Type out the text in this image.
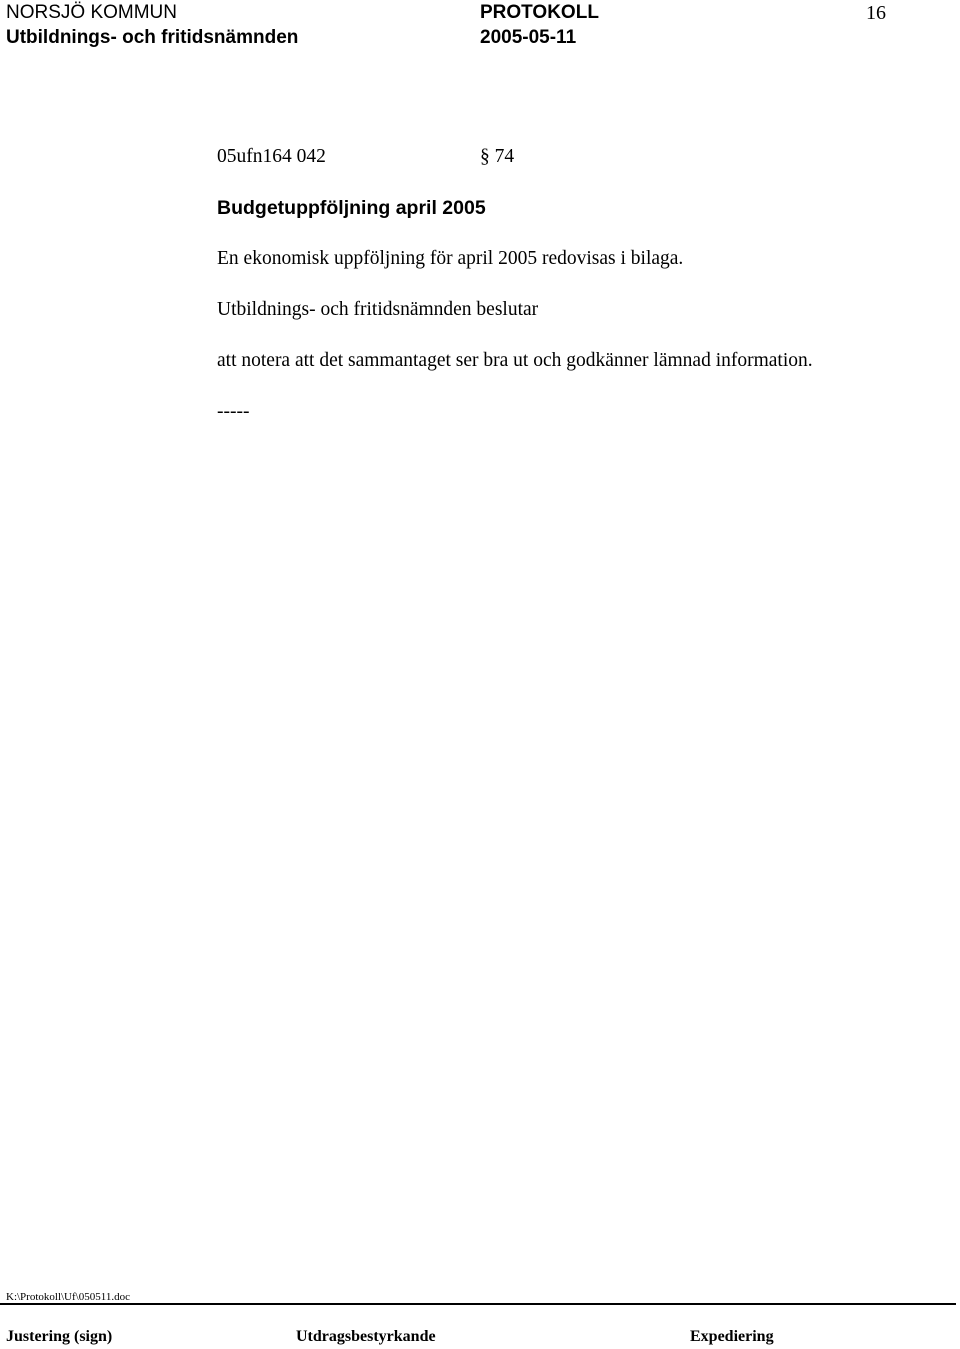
NORSJÖ KOMMUN
Utbildnings- och fritidsnämnden
PROTOKOLL
2005-05-11
16
05ufn164 042	§ 74
Budgetuppföljning april 2005
En ekonomisk uppföljning för april 2005 redovisas i bilaga.
Utbildnings- och fritidsnämnden beslutar
att notera att det sammantaget ser bra ut och godkänner lämnad information.
-----
K:\Protokoll\Uf\050511.doc
Justering (sign)	Utdragsbestyrkande	Expediering
